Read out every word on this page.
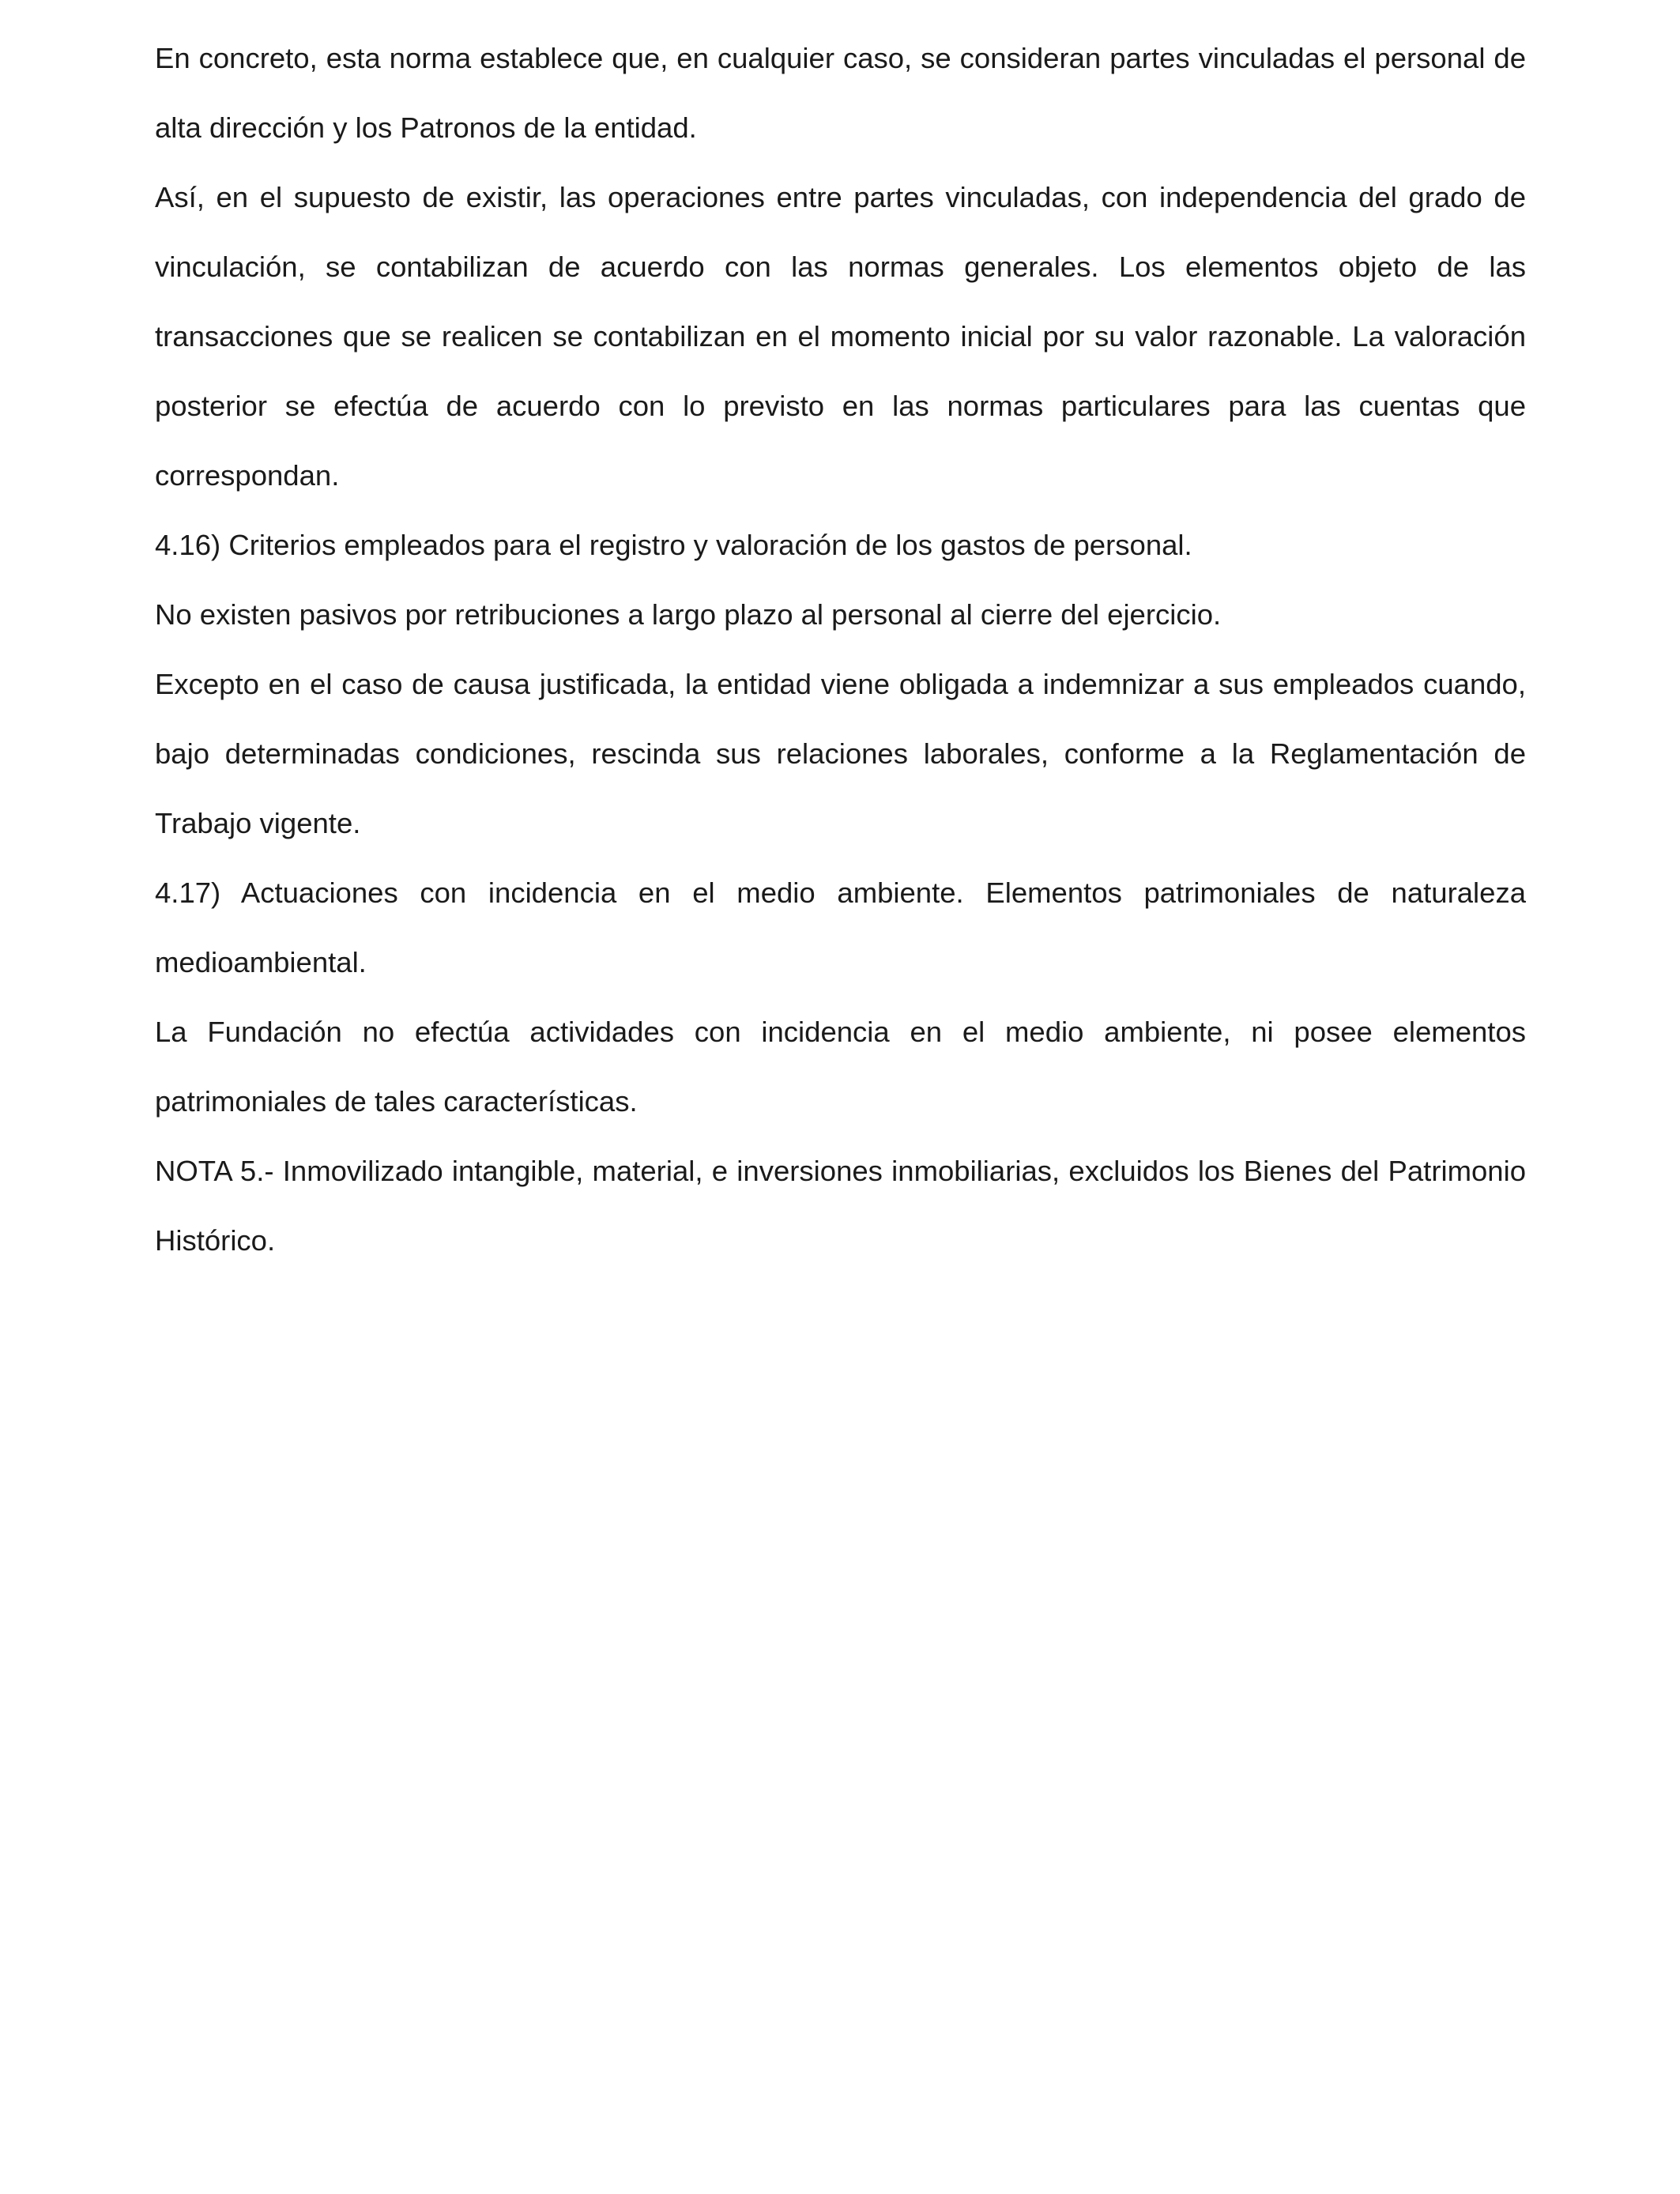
En concreto, esta norma establece que, en cualquier caso, se consideran partes vinculadas el personal de alta dirección y los Patronos de la entidad.

Así, en el supuesto de existir, las operaciones entre partes vinculadas, con independencia del grado de vinculación, se contabilizan de acuerdo con las normas generales. Los elementos objeto de las transacciones que se realicen se contabilizan en el momento inicial por su valor razonable. La valoración posterior se efectúa de acuerdo con lo previsto en las normas particulares para las cuentas que correspondan.

4.16) Criterios empleados para el registro y valoración de los gastos de personal.

No existen pasivos por retribuciones a largo plazo al personal al cierre del ejercicio.

Excepto en el caso de causa justificada, la entidad viene obligada a indemnizar a sus empleados cuando, bajo determinadas condiciones, rescinda sus relaciones laborales, conforme a la Reglamentación de Trabajo vigente.

4.17) Actuaciones con incidencia en el medio ambiente. Elementos patrimoniales de naturaleza medioambiental.

La Fundación no efectúa actividades con incidencia en el medio ambiente, ni posee elementos patrimoniales de tales características.

NOTA 5.- Inmovilizado intangible, material, e inversiones inmobiliarias, excluidos los Bienes del Patrimonio Histórico.
